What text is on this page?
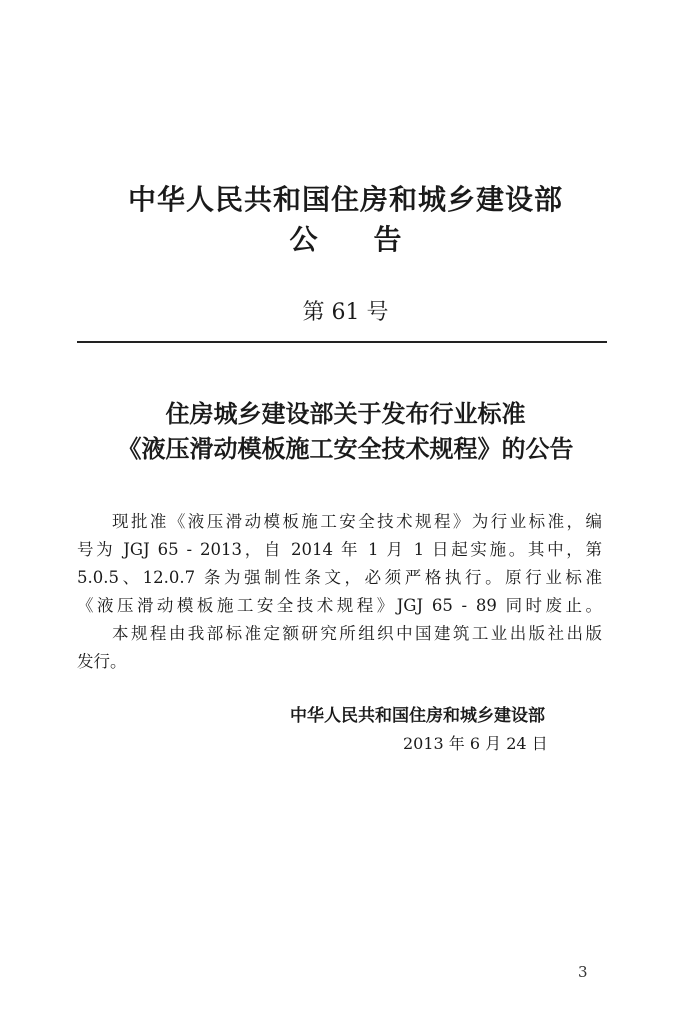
中华人民共和国住房和城乡建设部
公 告
第 61 号
住房城乡建设部关于发布行业标准
《液压滑动模板施工安全技术规程》的公告

现批准《液压滑动模板施工安全技术规程》为行业标准，编

号为 JGJ 65 - 2013，自 2014 年 1 月 1 日起实施。其中，第

5.0.5、12.0.7 条为强制性条文，必须严格执行。原行业标准

《液压滑动模板施工安全技术规程》JGJ 65 - 89 同时废止。

本规程由我部标准定额研究所组织中国建筑工业出版社出版

发行。

中华人民共和国住房和城乡建设部
2013 年 6 月 24 日
3
